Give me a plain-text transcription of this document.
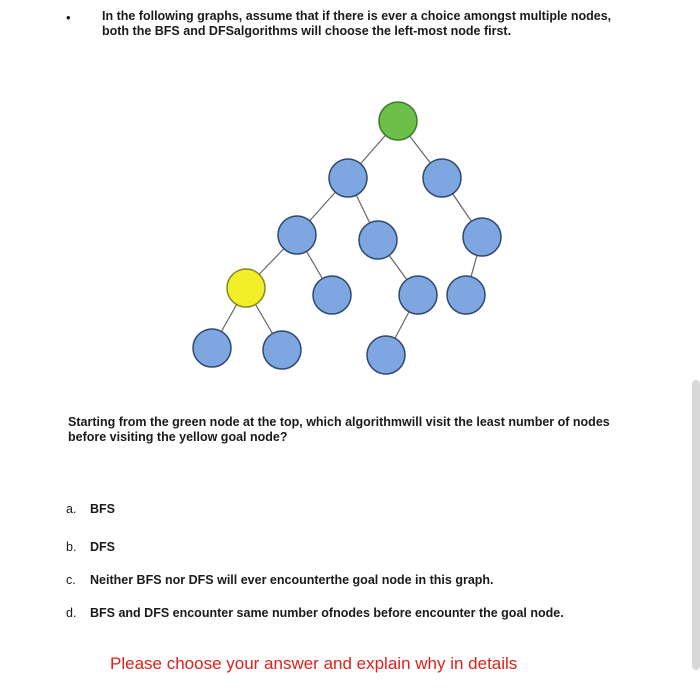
•	In the following graphs, assume that if there is ever a choice amongst multiple nodes,
both the BFS and DFSalgorithms will choose the left-most node first.
Starting from the green node at the top, which algorithmwill visit the least number of nodes
before visiting the yellow goal node?
a. BFS
b. DFS
c. Neither BFS nor DFS will ever encounterthe goal node in this graph.
d. BFS and DFS encounter same number ofnodes before encounter the goal node.
Please choose your answer and explain why in details
